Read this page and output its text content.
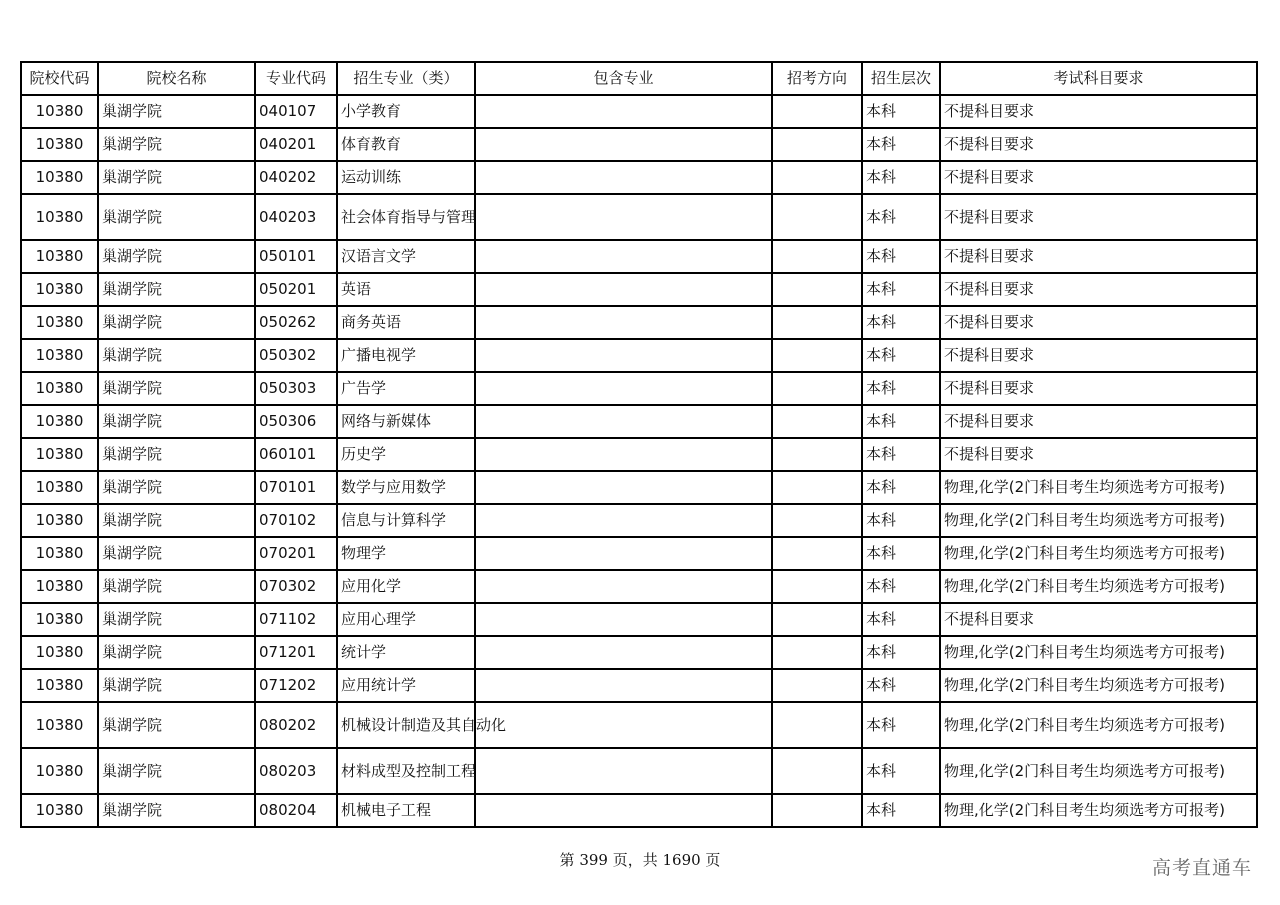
院校代码	院校名称	专业代码	招生专业（类）	包含专业	招考方向	招生层次	考试科目要求
10380	巢湖学院	040107	小学教育			本科	不提科目要求
10380	巢湖学院	040201	体育教育			本科	不提科目要求
10380	巢湖学院	040202	运动训练			本科	不提科目要求
10380	巢湖学院	040203	社会体育指导与管理			本科	不提科目要求
10380	巢湖学院	050101	汉语言文学			本科	不提科目要求
10380	巢湖学院	050201	英语			本科	不提科目要求
10380	巢湖学院	050262	商务英语			本科	不提科目要求
10380	巢湖学院	050302	广播电视学			本科	不提科目要求
10380	巢湖学院	050303	广告学			本科	不提科目要求
10380	巢湖学院	050306	网络与新媒体			本科	不提科目要求
10380	巢湖学院	060101	历史学			本科	不提科目要求
10380	巢湖学院	070101	数学与应用数学			本科	物理,化学(2门科目考生均须选考方可报考)
10380	巢湖学院	070102	信息与计算科学			本科	物理,化学(2门科目考生均须选考方可报考)
10380	巢湖学院	070201	物理学			本科	物理,化学(2门科目考生均须选考方可报考)
10380	巢湖学院	070302	应用化学			本科	物理,化学(2门科目考生均须选考方可报考)
10380	巢湖学院	071102	应用心理学			本科	不提科目要求
10380	巢湖学院	071201	统计学			本科	物理,化学(2门科目考生均须选考方可报考)
10380	巢湖学院	071202	应用统计学			本科	物理,化学(2门科目考生均须选考方可报考)
10380	巢湖学院	080202	机械设计制造及其自动化			本科	物理,化学(2门科目考生均须选考方可报考)
10380	巢湖学院	080203	材料成型及控制工程			本科	物理,化学(2门科目考生均须选考方可报考)
10380	巢湖学院	080204	机械电子工程			本科	物理,化学(2门科目考生均须选考方可报考)
第 399 页，共 1690 页	高考直通车
